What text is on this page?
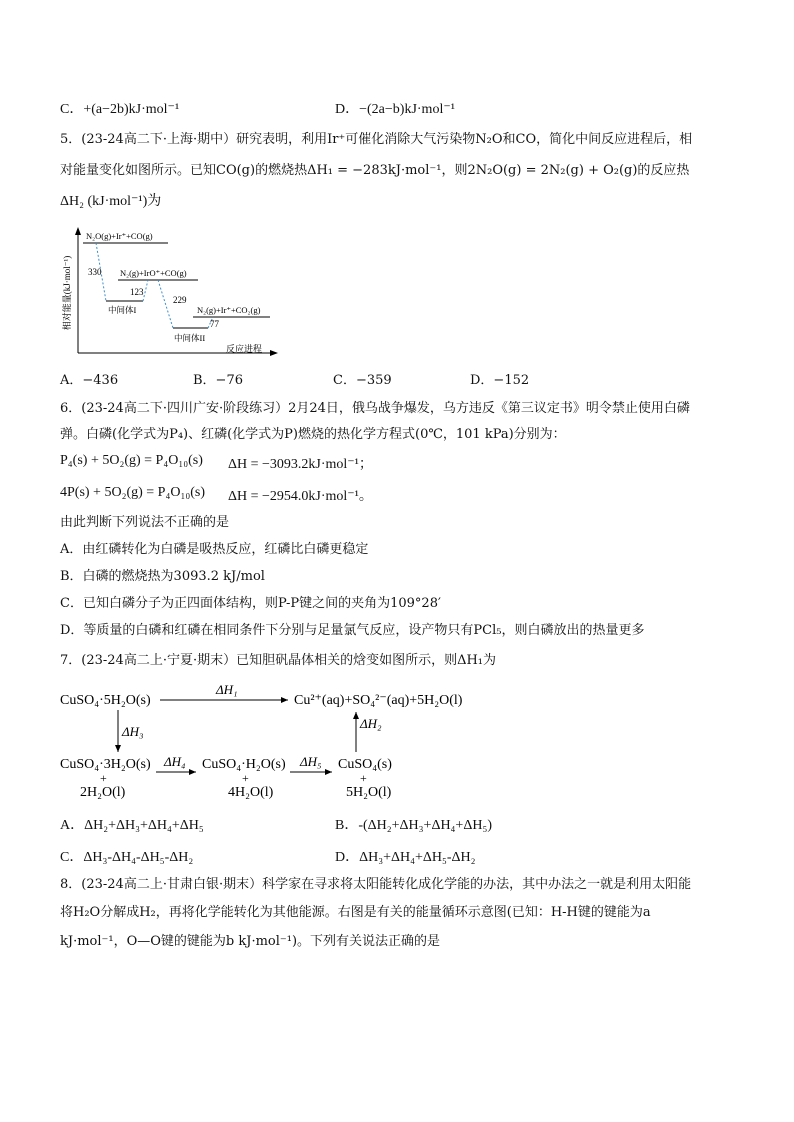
C．+(a−2b)kJ·mol⁻¹	D．−(2a−b)kJ·mol⁻¹
5．(23-24高二下·上海·期中）研究表明，利用Ir⁺可催化消除大气污染物N₂O和CO，简化中间反应进程后，相
对能量变化如图所示。已知CO(g)的燃烧热ΔH₁ = −283kJ·mol⁻¹，则2N₂O(g) = 2N₂(g) + O₂(g)的反应热
ΔH₂ (kJ·mol⁻¹)为
相对能量(kJ·mol⁻¹)
反应进程
N₂O(g)+Ir⁺+CO(g)
中间体I
N₂(g)+IrO⁺+CO(g)
中间体II
N₂(g)+Ir⁺+CO₂(g)
330
123
229
77
A．−436	B．−76	C．−359	D．−152
6．(23-24高二下·四川广安·阶段练习）2月24日，俄乌战争爆发，乌方违反《第三议定书》明令禁止使用白磷
弹。白磷(化学式为P₄)、红磷(化学式为P)燃烧的热化学方程式(0℃，101 kPa)分别为：
P₄(s) + 5O₂(g) = P₄O₁₀(s) ΔH = −3093.2kJ·mol⁻¹；
4P(s) + 5O₂(g) = P₄O₁₀(s) ΔH = −2954.0kJ·mol⁻¹。
由此判断下列说法不正确的是
A．由红磷转化为白磷是吸热反应，红磷比白磷更稳定
B．白磷的燃烧热为3093.2 kJ/mol
C．已知白磷分子为正四面体结构，则P-P键之间的夹角为109°28′
D．等质量的白磷和红磷在相同条件下分别与足量氯气反应，设产物只有PCl₅，则白磷放出的热量更多
7．(23-24高二上·宁夏·期末）已知胆矾晶体相关的焓变如图所示，则ΔH₁为
CuSO₄·5H₂O(s)
ΔH₁
Cu²⁺(aq)+SO₄²⁻(aq)+5H₂O(l)
ΔH₃
ΔH₂
CuSO₄·3H₂O(s)
+
2H₂O(l)
ΔH₄ CuSO₄·H₂O(s)
+
4H₂O(l)
ΔH₅ CuSO₄(s)
+
5H₂O(l)
A．ΔH₂+ΔH₃+ΔH₄+ΔH₅	B．-(ΔH₂+ΔH₃+ΔH₄+ΔH₅)
C．ΔH₃-ΔH₄-ΔH₅-ΔH₂	D．ΔH₃+ΔH₄+ΔH₅-ΔH₂
8．(23-24高二上·甘肃白银·期末）科学家在寻求将太阳能转化成化学能的办法，其中办法之一就是利用太阳能
将H₂O分解成H₂，再将化学能转化为其他能源。右图是有关的能量循环示意图(已知：H-H键的键能为a
kJ·mol⁻¹，O—O键的键能为b kJ·mol⁻¹)。下列有关说法正确的是
